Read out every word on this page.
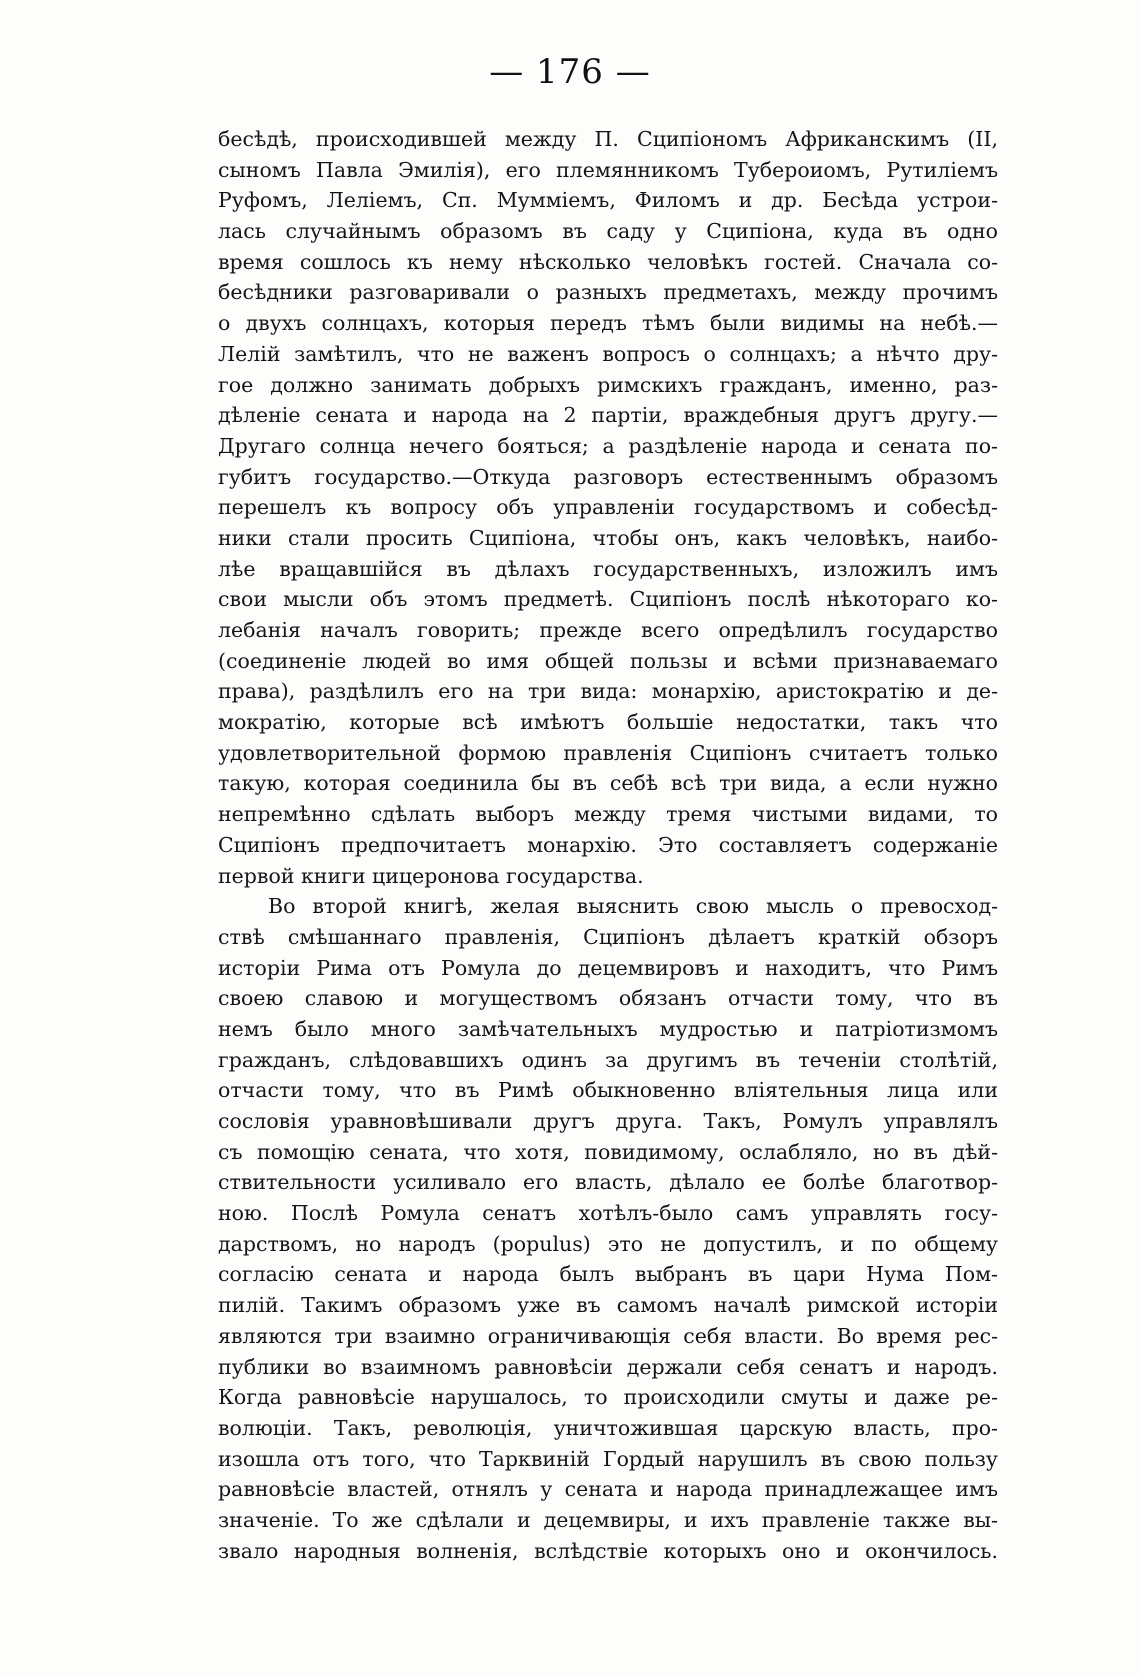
— 176 —
бесѣдѣ, происходившей между П. Сципіономъ Африканскимъ (II,
сыномъ Павла Эмилія), его племянникомъ Тубероиомъ, Рутиліемъ
Руфомъ, Леліемъ, Сп. Мумміемъ, Филомъ и др. Бесѣда устрои-
лась случайнымъ образомъ въ саду у Сципіона, куда въ одно
время сошлось къ нему нѣсколько человѣкъ гостей. Сначала со-
бесѣдники разговаривали о разныхъ предметахъ, между прочимъ
о двухъ солнцахъ, которыя передъ тѣмъ были видимы на небѣ.—
Лелій замѣтилъ, что не важенъ вопросъ о солнцахъ; а нѣчто дру-
гое должно занимать добрыхъ римскихъ гражданъ, именно, раз-
дѣленіе сената и народа на 2 партіи, враждебныя другъ другу.—
Другаго солнца нечего бояться; а раздѣленіе народа и сената по-
губитъ государство.—Откуда разговоръ естественнымъ образомъ
перешелъ къ вопросу объ управленіи государствомъ и собесѣд-
ники стали просить Сципіона, чтобы онъ, какъ человѣкъ, наибо-
лѣе вращавшійся въ дѣлахъ государственныхъ, изложилъ имъ
свои мысли объ этомъ предметѣ. Сципіонъ послѣ нѣкотораго ко-
лебанія началъ говорить; прежде всего опредѣлилъ государство
(соединеніе людей во имя общей пользы и всѣми признаваемаго
права), раздѣлилъ его на три вида: монархію, аристократію и де-
мократію, которые всѣ имѣютъ большіе недостатки, такъ что
удовлетворительной формою правленія Сципіонъ считаетъ только
такую, которая соединила бы въ себѣ всѣ три вида, а если нужно
непремѣнно сдѣлать выборъ между тремя чистыми видами, то
Сципіонъ предпочитаетъ монархію. Это составляетъ содержаніе
первой книги цицеронова государства.
Во второй книгѣ, желая выяснить свою мысль о превосход-
ствѣ смѣшаннаго правленія, Сципіонъ дѣлаетъ краткій обзоръ
исторіи Рима отъ Ромула до децемвировъ и находитъ, что Римъ
своею славою и могуществомъ обязанъ отчасти тому, что въ
немъ было много замѣчательныхъ мудростью и патріотизмомъ
гражданъ, слѣдовавшихъ одинъ за другимъ въ теченіи столѣтій,
отчасти тому, что въ Римѣ обыкновенно вліятельныя лица или
сословія уравновѣшивали другъ друга. Такъ, Ромулъ управлялъ
съ помощію сената, что хотя, повидимому, ослабляло, но въ дѣй-
ствительности усиливало его власть, дѣлало ее болѣе благотвор-
ною. Послѣ Ромула сенатъ хотѣлъ-было самъ управлять госу-
дарствомъ, но народъ (populus) это не допустилъ, и по общему
согласію сената и народа былъ выбранъ въ цари Нума Пом-
пилій. Такимъ образомъ уже въ самомъ началѣ римской исторіи
являются три взаимно ограничивающія себя власти. Во время рес-
публики во взаимномъ равновѣсіи держали себя сенатъ и народъ.
Когда равновѣсіе нарушалось, то происходили смуты и даже ре-
волюціи. Такъ, революція, уничтожившая царскую власть, про-
изошла отъ того, что Тарквиній Гордый нарушилъ въ свою пользу
равновѣсіе властей, отнялъ у сената и народа принадлежащее имъ
значеніе. То же сдѣлали и децемвиры, и ихъ правленіе также вы-
звало народныя волненія, вслѣдствіе которыхъ оно и окончилось.
